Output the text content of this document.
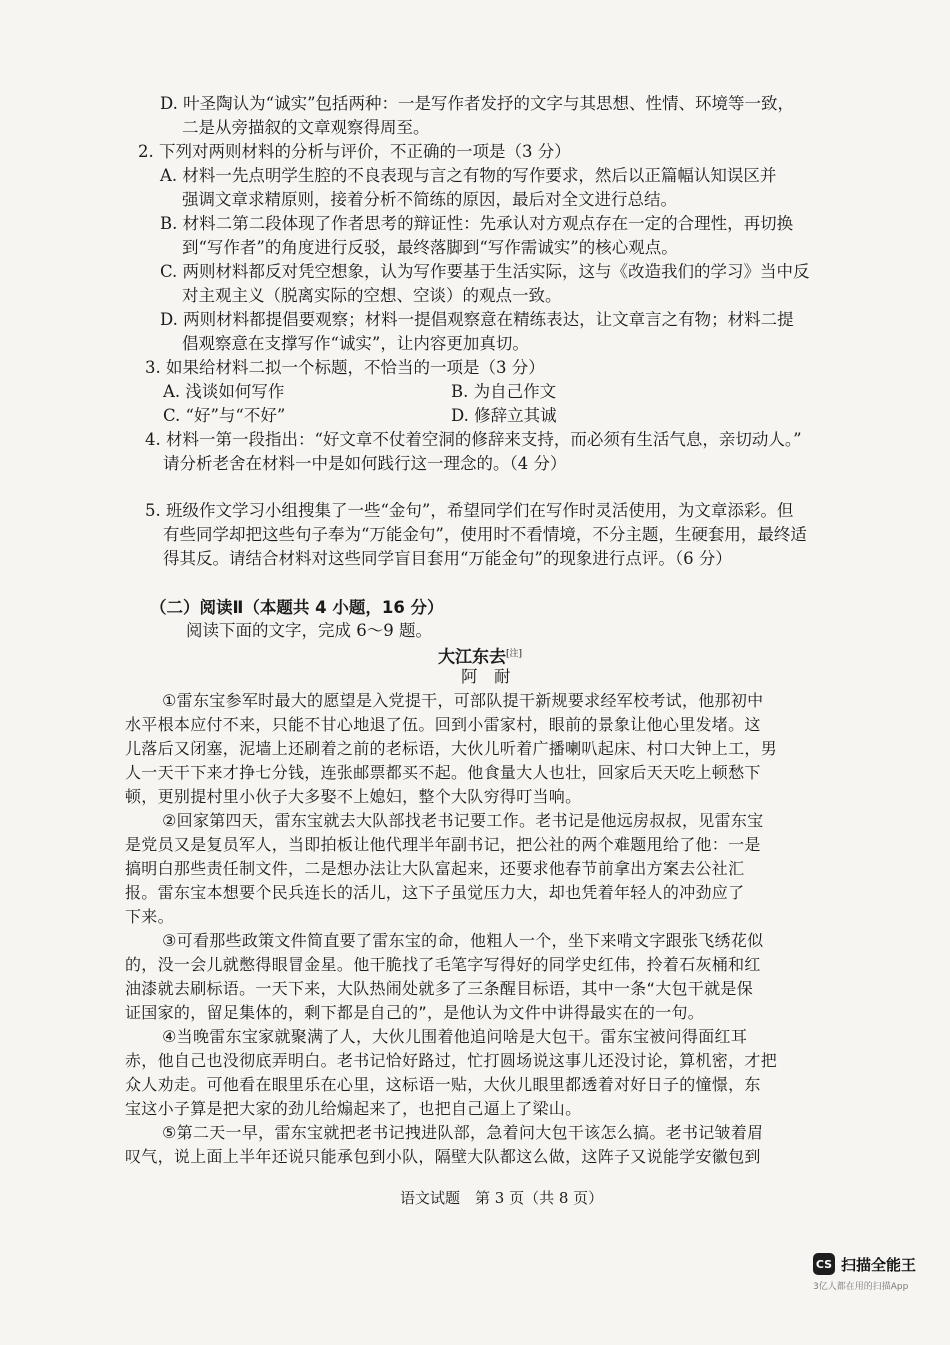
D. 叶圣陶认为“诚实”包括两种：一是写作者发抒的文字与其思想、性情、环境等一致，
二是从旁描叙的文章观察得周至。
2. 下列对两则材料的分析与评价，不正确的一项是（3 分）
A. 材料一先点明学生腔的不良表现与言之有物的写作要求，然后以正篇幅认知误区并
强调文章求精原则，接着分析不简练的原因，最后对全文进行总结。
B. 材料二第二段体现了作者思考的辩证性：先承认对方观点存在一定的合理性，再切换
到“写作者”的角度进行反驳，最终落脚到“写作需诚实”的核心观点。
C. 两则材料都反对凭空想象，认为写作要基于生活实际，这与《改造我们的学习》当中反
对主观主义（脱离实际的空想、空谈）的观点一致。
D. 两则材料都提倡要观察；材料一提倡观察意在精练表达，让文章言之有物；材料二提
倡观察意在支撑写作“诚实”，让内容更加真切。
3. 如果给材料二拟一个标题，不恰当的一项是（3 分）
A. 浅谈如何写作	B. 为自己作文
C. “好”与“不好”	D. 修辞立其诚
4. 材料一第一段指出：“好文章不仗着空洞的修辞来支持，而必须有生活气息，亲切动人。”
请分析老舍在材料一中是如何践行这一理念的。（4 分）
5. 班级作文学习小组搜集了一些“金句”，希望同学们在写作时灵活使用，为文章添彩。但
有些同学却把这些句子奉为“万能金句”，使用时不看情境，不分主题，生硬套用，最终适
得其反。请结合材料对这些同学盲目套用“万能金句”的现象进行点评。（6 分）
（二）阅读Ⅱ（本题共 4 小题，16 分）
阅读下面的文字，完成 6～9 题。
大江东去[注]
阿　耐
①雷东宝参军时最大的愿望是入党提干，可部队提干新规要求经军校考试，他那初中
水平根本应付不来，只能不甘心地退了伍。回到小雷家村，眼前的景象让他心里发堵。这
儿落后又闭塞，泥墙上还刷着之前的老标语，大伙儿听着广播喇叭起床、村口大钟上工，男
人一天干下来才挣七分钱，连张邮票都买不起。他食量大人也壮，回家后天天吃上顿愁下
顿，更别提村里小伙子大多娶不上媳妇，整个大队穷得叮当响。
②回家第四天，雷东宝就去大队部找老书记要工作。老书记是他远房叔叔，见雷东宝
是党员又是复员军人，当即拍板让他代理半年副书记，把公社的两个难题甩给了他：一是
搞明白那些责任制文件，二是想办法让大队富起来，还要求他春节前拿出方案去公社汇
报。雷东宝本想要个民兵连长的活儿，这下子虽觉压力大，却也凭着年轻人的冲劲应了
下来。
③可看那些政策文件简直要了雷东宝的命，他粗人一个，坐下来啃文字跟张飞绣花似
的，没一会儿就憋得眼冒金星。他干脆找了毛笔字写得好的同学史红伟，拎着石灰桶和红
油漆就去刷标语。一天下来，大队热闹处就多了三条醒目标语，其中一条“大包干就是保
证国家的，留足集体的，剩下都是自己的”，是他认为文件中讲得最实在的一句。
④当晚雷东宝家就聚满了人，大伙儿围着他追问啥是大包干。雷东宝被问得面红耳
赤，他自己也没彻底弄明白。老书记恰好路过，忙打圆场说这事儿还没讨论，算机密，才把
众人劝走。可他看在眼里乐在心里，这标语一贴，大伙儿眼里都透着对好日子的憧憬，东
宝这小子算是把大家的劲儿给煽起来了，也把自己逼上了梁山。
⑤第二天一早，雷东宝就把老书记拽进队部，急着问大包干该怎么搞。老书记皱着眉
叹气，说上面上半年还说只能承包到小队，隔壁大队都这么做，这阵子又说能学安徽包到
语文试题　第 3 页（共 8 页）
CS 扫描全能王
3亿人都在用的扫描App
